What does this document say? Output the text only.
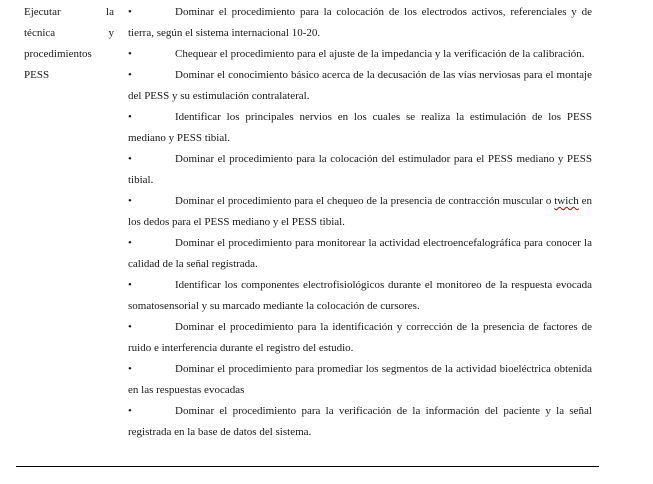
Ejecutar	la
técnica	y
procedimientos
PESS

•	Dominar el procedimiento para la colocación de los electrodos activos, referenciales y de tierra, según el sistema internacional 10-20.

•	Chequear el procedimiento para el ajuste de la impedancia y la verificación de la calibración.

•	Dominar el conocimiento básico acerca de la decusación de las vías nerviosas para el montaje del PESS y su estimulación contralateral.

•	Identificar los principales nervios en los cuales se realiza la estimulación de los PESS mediano y PESS tibial.

•	Dominar el procedimiento para la colocación del estimulador para el PESS mediano y PESS tibial.

•	Dominar el procedimiento para el chequeo de la presencia de contracción muscular o twich en los dedos para el PESS mediano y el PESS tibial.

•	Dominar el procedimiento para monitorear la actividad electroencefalográfica para conocer la calidad de la señal registrada.

•	Identificar los componentes electrofisiológicos durante el monitoreo de la respuesta evocada somatosensorial y su marcado mediante la colocación de cursores.

•	Dominar el procedimiento para la identificación y corrección de la presencia de factores de ruido e interferencia durante el registro del estudio.

•	Dominar el procedimiento para promediar los segmentos de la actividad bioeléctrica obtenida en las respuestas evocadas

•	Dominar el procedimiento para la verificación de la información del paciente y la señal registrada en la base de datos del sistema.
